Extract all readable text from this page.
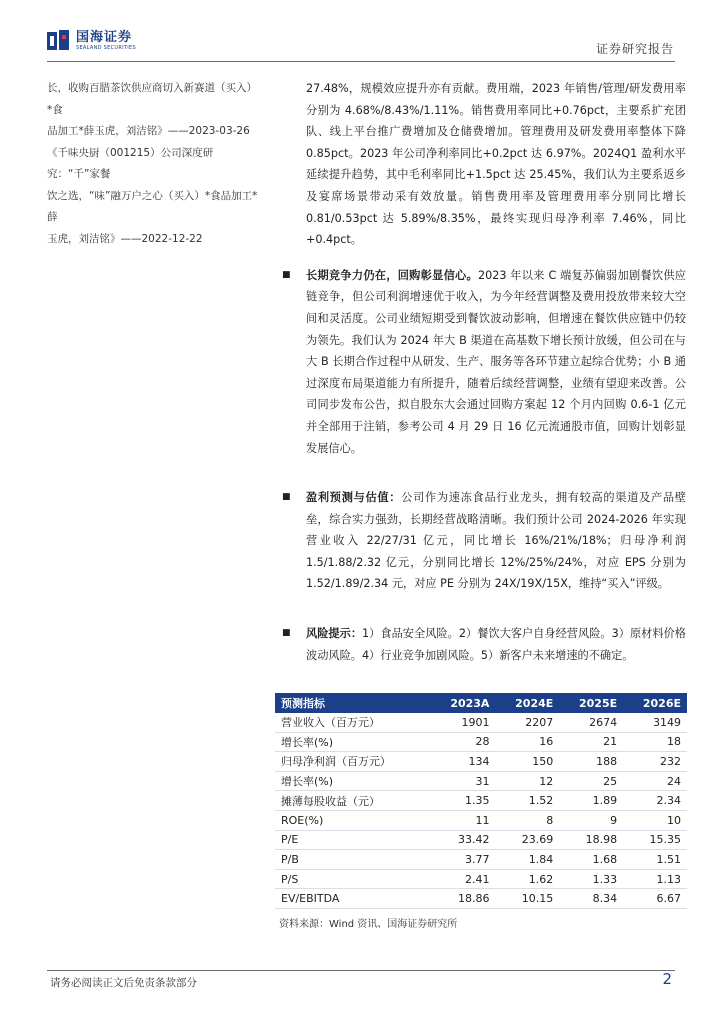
国海证券
SEALAND SECURITIES	证券研究报告
长，收购百腊茶饮供应商切入新赛道（买入）*食
品加工*薛玉虎，刘洁铭》——2023-03-26
《千味央厨（001215）公司深度研究：“千”家餐
饮之选，“味”融万户之心（买入）*食品加工*薛
玉虎，刘洁铭》——2022-12-22

27.48%，规模效应提升亦有贡献。费用端，2023 年销售/管理/研发费用率分别为 4.68%/8.43%/1.11%。销售费用率同比+0.76pct，主要系扩充团队、线上平台推广费增加及仓储费增加。管理费用及研发费用率整体下降 0.85pct。2023 年公司净利率同比+0.2pct 达 6.97%。2024Q1 盈利水平延续提升趋势，其中毛利率同比+1.5pct 达 25.45%，我们认为主要系返乡及宴席场景带动采有效放量。销售费用率及管理费用率分别同比增长 0.81/0.53pct 达 5.89%/8.35%，最终实现归母净利率 7.46%，同比+0.4pct。

■ 长期竞争力仍在，回购彰显信心。2023 年以来 C 端复苏偏弱加剧餐饮供应链竞争，但公司利润增速优于收入，为今年经营调整及费用投放带来较大空间和灵活度。公司业绩短期受到餐饮波动影响，但增速在餐饮供应链中仍较为领先。我们认为 2024 年大 B 渠道在高基数下增长预计放缓，但公司在与大 B 长期合作过程中从研发、生产、服务等各环节建立起综合优势；小 B 通过深度布局渠道能力有所提升，随着后续经营调整，业绩有望迎来改善。公司同步发布公告，拟自股东大会通过回购方案起 12 个月内回购 0.6-1 亿元并全部用于注销，参考公司 4 月 29 日 16 亿元流通股市值，回购计划彰显发展信心。
■ 盈利预测与估值：公司作为速冻食品行业龙头，拥有较高的渠道及产品壁垒，综合实力强劲，长期经营战略清晰。我们预计公司 2024-2026 年实现营业收入 22/27/31 亿元，同比增长 16%/21%/18%；归母净利润 1.5/1.88/2.32 亿元，分别同比增长 12%/25%/24%，对应 EPS 分别为 1.52/1.89/2.34 元，对应 PE 分别为 24X/19X/15X，维持“买入”评级。
■ 风险提示：1）食品安全风险。2）餐饮大客户自身经营风险。3）原材料价格波动风险。4）行业竞争加剧风险。5）新客户未来增速的不确定。
预测指标	2023A	2024E	2025E	2026E
营业收入（百万元）	1901	2207	2674	3149
增长率(%)	28	16	21	18
归母净利润（百万元）	134	150	188	232
增长率(%)	31	12	25	24
摊薄每股收益（元）	1.35	1.52	1.89	2.34
ROE(%)	11	8	9	10
P/E	33.42	23.69	18.98	15.35
P/B	3.77	1.84	1.68	1.51
P/S	2.41	1.62	1.33	1.13
EV/EBITDA	18.86	10.15	8.34	6.67
资料来源：Wind 资讯、国海证券研究所
请务必阅读正文后免责条款部分	2
